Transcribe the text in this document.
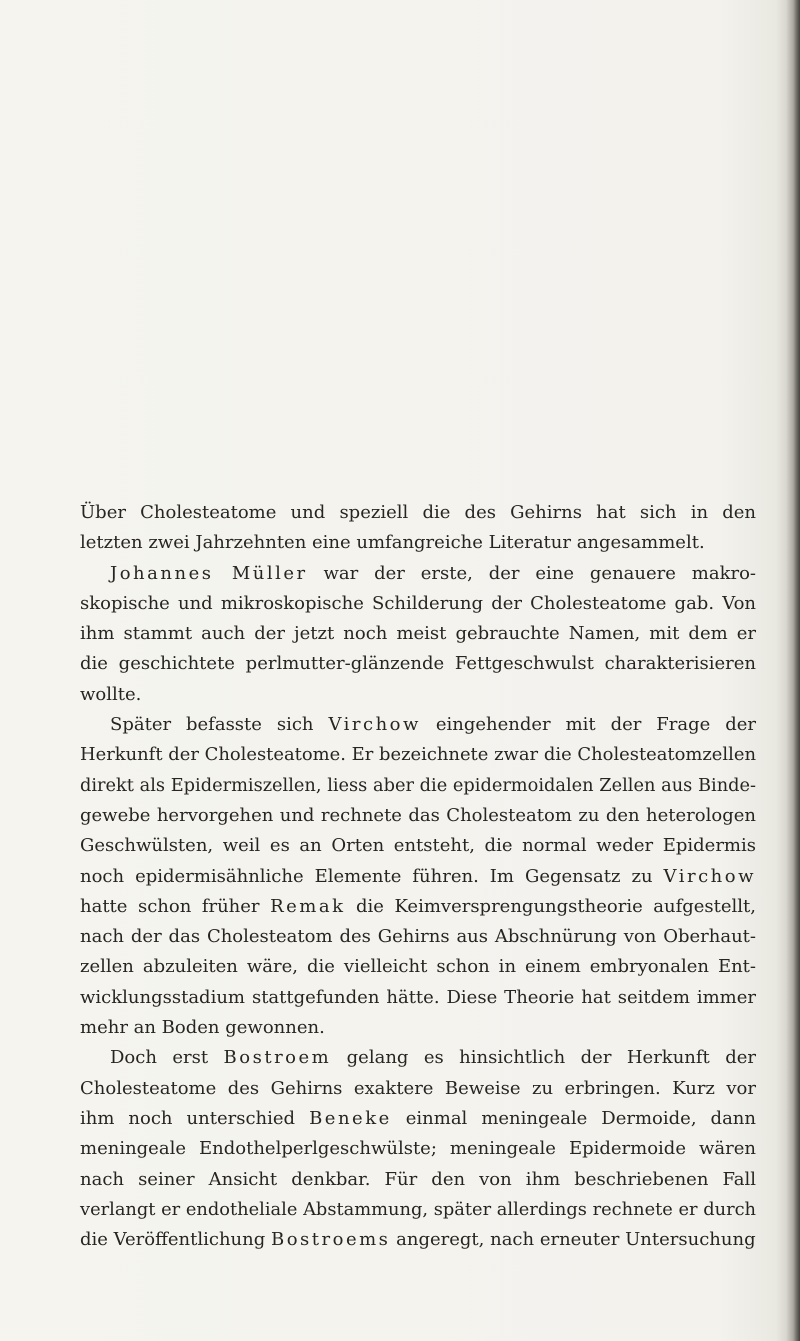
Über Cholesteatome und speziell die des Gehirns hat sich in den
letzten zwei Jahrzehnten eine umfangreiche Literatur angesammelt.
Johannes Müller war der erste, der eine genauere makro-
skopische und mikroskopische Schilderung der Cholesteatome gab. Von
ihm stammt auch der jetzt noch meist gebrauchte Namen, mit dem er
die geschichtete perlmutter-glänzende Fettgeschwulst charakterisieren
wollte.
Später befasste sich Virchow eingehender mit der Frage der
Herkunft der Cholesteatome. Er bezeichnete zwar die Cholesteatomzellen
direkt als Epidermiszellen, liess aber die epidermoidalen Zellen aus Binde-
gewebe hervorgehen und rechnete das Cholesteatom zu den heterologen
Geschwülsten, weil es an Orten entsteht, die normal weder Epidermis
noch epidermisähnliche Elemente führen. Im Gegensatz zu Virchow
hatte schon früher Remak die Keimversprengungstheorie aufgestellt,
nach der das Cholesteatom des Gehirns aus Abschnürung von Oberhaut-
zellen abzuleiten wäre, die vielleicht schon in einem embryonalen Ent-
wicklungsstadium stattgefunden hätte. Diese Theorie hat seitdem immer
mehr an Boden gewonnen.
Doch erst Bostroem gelang es hinsichtlich der Herkunft der
Cholesteatome des Gehirns exaktere Beweise zu erbringen. Kurz vor
ihm noch unterschied Beneke einmal meningeale Dermoide, dann
meningeale Endothelperlgeschwülste; meningeale Epidermoide wären
nach seiner Ansicht denkbar. Für den von ihm beschriebenen Fall
verlangt er endotheliale Abstammung, später allerdings rechnete er durch
die Veröffentlichung Bostroems angeregt, nach erneuter Untersuchung
